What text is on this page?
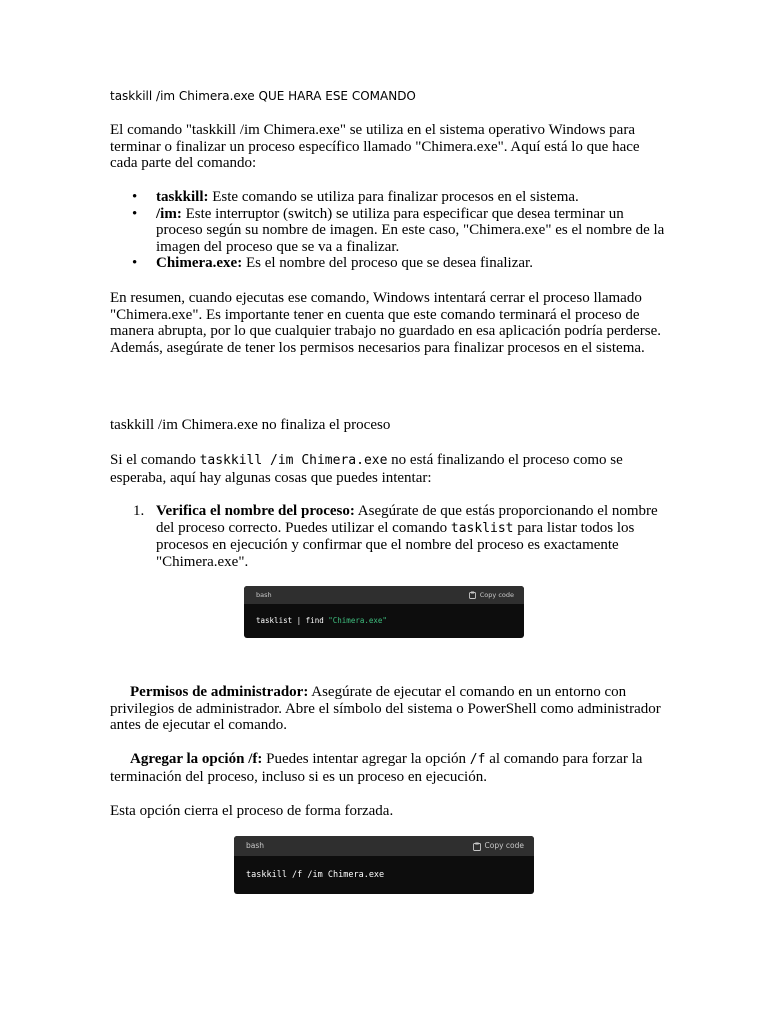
taskkill /im Chimera.exe QUE HARA ESE COMANDO
El comando "taskkill /im Chimera.exe" se utiliza en el sistema operativo Windows para terminar o finalizar un proceso específico llamado "Chimera.exe". Aquí está lo que hace cada parte del comando:
• taskkill: Este comando se utiliza para finalizar procesos en el sistema.
• /im: Este interruptor (switch) se utiliza para especificar que desea terminar un proceso según su nombre de imagen. En este caso, "Chimera.exe" es el nombre de la imagen del proceso que se va a finalizar.
• Chimera.exe: Es el nombre del proceso que se desea finalizar.
En resumen, cuando ejecutas ese comando, Windows intentará cerrar el proceso llamado "Chimera.exe". Es importante tener en cuenta que este comando terminará el proceso de manera abrupta, por lo que cualquier trabajo no guardado en esa aplicación podría perderse. Además, asegúrate de tener los permisos necesarios para finalizar procesos en el sistema.
taskkill /im Chimera.exe no finaliza el proceso
Si el comando taskkill /im Chimera.exe no está finalizando el proceso como se esperaba, aquí hay algunas cosas que puedes intentar:
1. Verifica el nombre del proceso: Asegúrate de que estás proporcionando el nombre del proceso correcto. Puedes utilizar el comando tasklist para listar todos los procesos en ejecución y confirmar que el nombre del proceso es exactamente "Chimera.exe".
bash	Copy code
tasklist | find "Chimera.exe"
Permisos de administrador: Asegúrate de ejecutar el comando en un entorno con privilegios de administrador. Abre el símbolo del sistema o PowerShell como administrador antes de ejecutar el comando.
Agregar la opción /f: Puedes intentar agregar la opción /f al comando para forzar la terminación del proceso, incluso si es un proceso en ejecución.
Esta opción cierra el proceso de forma forzada.
bash	Copy code
taskkill /f /im Chimera.exe
